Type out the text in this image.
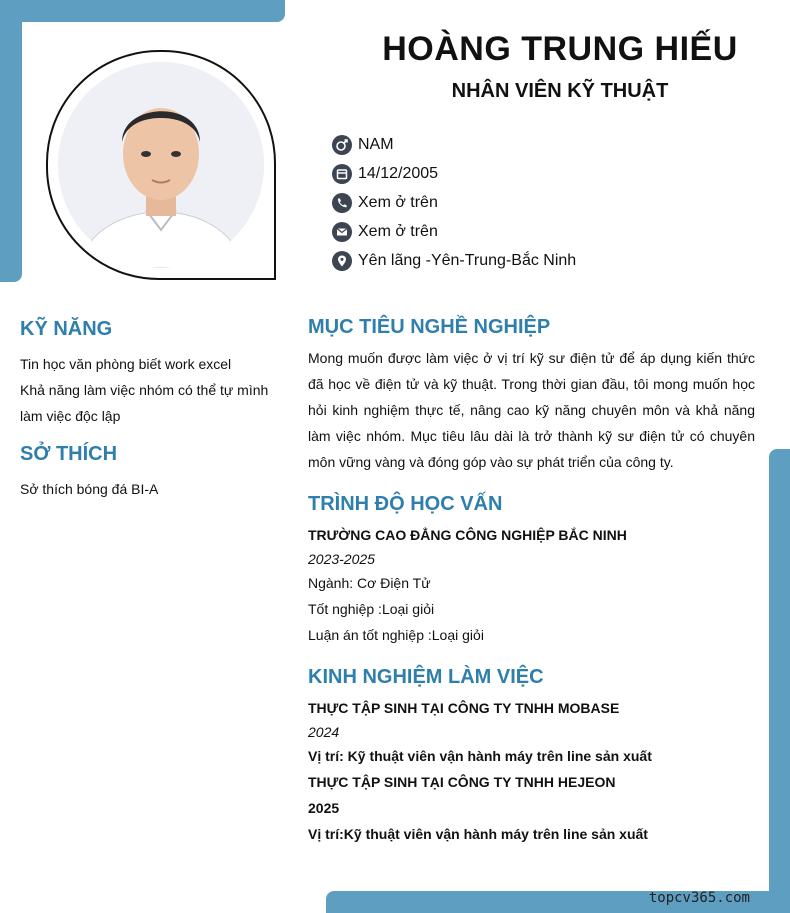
HOÀNG TRUNG HIẾU
NHÂN VIÊN KỸ THUẬT
NAM
14/12/2005
Xem ở trên
Xem ở trên
Yên lãng -Yên-Trung-Bắc Ninh
KỸ NĂNG
Tin học văn phòng biết work excel
Khả năng làm việc nhóm có thể tự mình
làm việc độc lập
SỞ THÍCH
Sở thích bóng đá BI-A
MỤC TIÊU NGHỀ NGHIỆP

Mong muốn được làm việc ở vị trí kỹ sư điện tử để áp dụng kiến thức đã học về điện tử và kỹ thuật. Trong thời gian đầu, tôi mong muốn học hỏi kinh nghiệm thực tế, nâng cao kỹ năng chuyên môn và khả năng làm việc nhóm. Mục tiêu lâu dài là trở thành kỹ sư điện tử có chuyên môn vững vàng và đóng góp vào sự phát triển của công ty.

TRÌNH ĐỘ HỌC VẤN
TRƯỜNG CAO ĐẲNG CÔNG NGHIỆP BẮC NINH
2023-2025
Ngành: Cơ Điện Tử
Tốt nghiệp :Loại giỏi
Luận án tốt nghiệp :Loại giỏi
KINH NGHIỆM LÀM VIỆC
THỰC TẬP SINH TẠI CÔNG TY TNHH MOBASE
2024
Vị trí: Kỹ thuật viên vận hành máy trên line sản xuất
THỰC TẬP SINH TẠI CÔNG TY TNHH HEJEON
2025
Vị trí:Kỹ thuật viên vận hành máy trên line sản xuất
topcv365.com
